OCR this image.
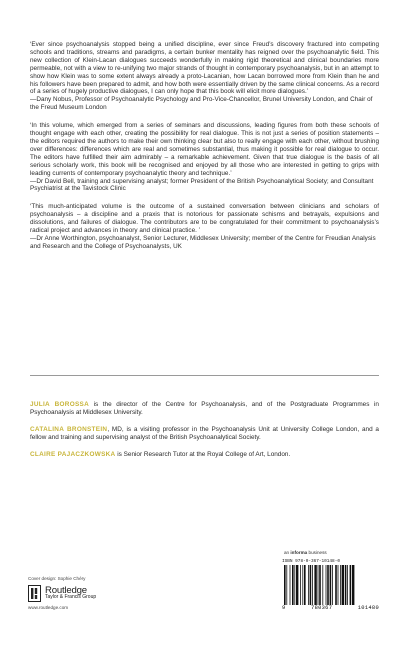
‘Ever since psychoanalysis stopped being a unified discipline, ever since Freud’s discovery fractured into competing schools and traditions, streams and paradigms, a certain bunker mentality has reigned over the psychoanalytic field. This new collection of Klein-Lacan dialogues succeeds wonderfully in making rigid theoretical and clinical boundaries more permeable, not with a view to re-unifying two major strands of thought in contemporary psychoanalysis, but in an attempt to show how Klein was to some extent always already a proto-Lacanian, how Lacan borrowed more from Klein than he and his followers have been prepared to admit, and how both were essentially driven by the same clinical concerns. As a record of a series of hugely productive dialogues, I can only hope that this book will elicit more dialogues.’

—Dany Nobus, Professor of Psychoanalytic Psychology and Pro-Vice-Chancellor, Brunel University London, and Chair of the Freud Museum London

‘In this volume, which emerged from a series of seminars and discussions, leading figures from both these schools of thought engage with each other, creating the possibility for real dialogue. This is not just a series of position statements – the editors required the authors to make their own thinking clear but also to really engage with each other, without brushing over differences: differences which are real and sometimes substantial, thus making it possible for real dialogue to occur. The editors have fulfilled their aim admirably – a remarkable achievement. Given that true dialogue is the basis of all serious scholarly work, this book will be recognised and enjoyed by all those who are interested in getting to grips with leading currents of contemporary psychoanalytic theory and technique.’

—Dr David Bell, training and supervising analyst; former President of the British Psychoanalytical Society; and Consultant Psychiatrist at the Tavistock Clinic

‘This much-anticipated volume is the outcome of a sustained conversation between clinicians and scholars of psychoanalysis – a discipline and a praxis that is notorious for passionate schisms and betrayals, expulsions and dissolutions, and failures of dialogue. The contributors are to be congratulated for their commitment to psychoanalysis’s radical project and advances in theory and clinical practice. ’

—Dr Anne Worthington, psychoanalyst, Senior Lecturer, Middlesex University; member of the Centre for Freudian Analysis and Research and the College of Psychoanalysts, UK

JULIA BOROSSA is the director of the Centre for Psychoanalysis, and of the Postgraduate Programmes in Psychoanalysis at Middlesex University.

CATALINA BRONSTEIN, MD, is a visiting professor in the Psychoanalysis Unit at University College London, and a fellow and training and supervising analyst of the British Psychoanalytical Society.

CLAIRE PAJACZKOWSKA is Senior Research Tutor at the Royal College of Art, London.

Cover design: Sophie Chéry
Routledge
Taylor & Francis Group
www.routledge.com
an informa business
ISBN 978-0-367-10148-0
9	780367	101480
